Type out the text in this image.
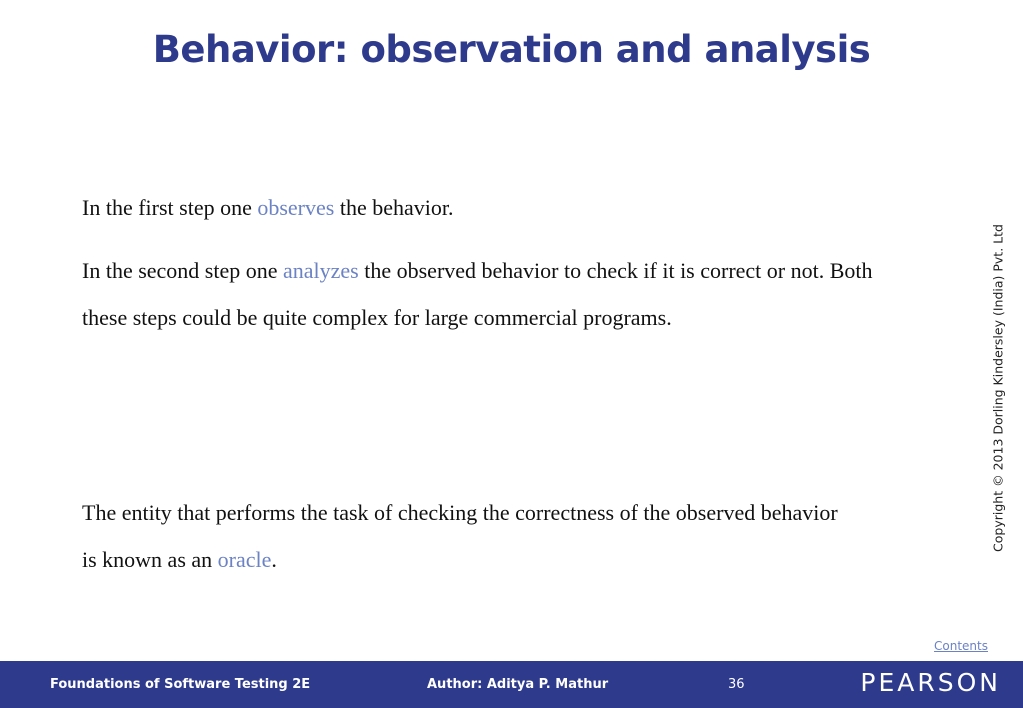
Behavior: observation and analysis

In the first step one observes the behavior.

In the second step one analyzes the observed behavior to check if it is correct or not. Both these steps could be quite complex for large commercial programs.

The entity that performs the task of checking the correctness of the observed behavior is known as an oracle.

Copyright © 2013 Dorling Kindersley (India) Pvt. Ltd
Contents
Foundations of Software Testing 2E	Author: Aditya P. Mathur	36	PEARSON
